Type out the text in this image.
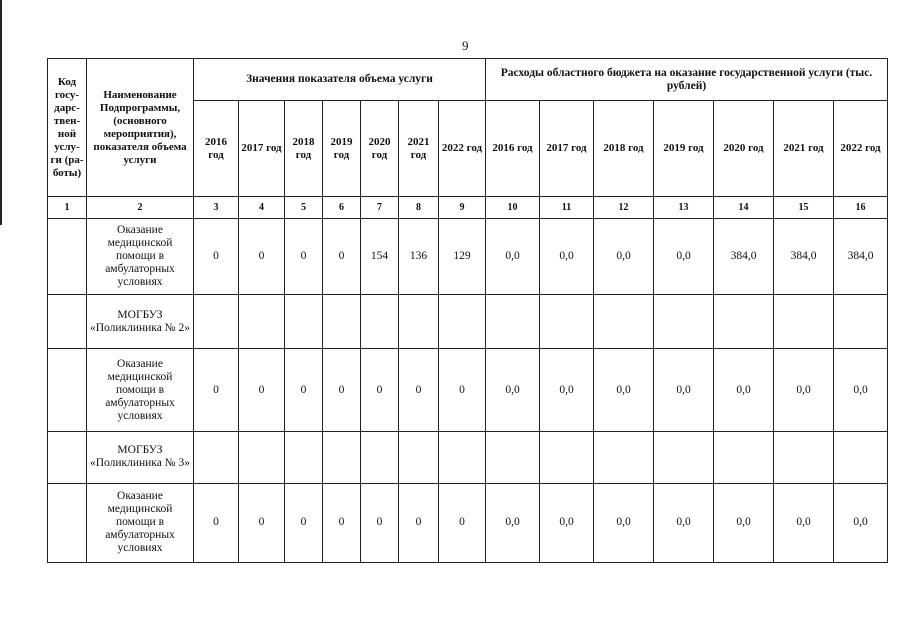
9
Код госу-дарс-твен-ной услу-ги (ра-боты)	Наименование Подпрограммы, (основного мероприятия), показателя объема услуги	Значения показателя объема услуги							Расходы областного бюджета на оказание государственной услуги (тыс. рублей)						
		2016 год	2017 год	2018 год	2019 год	2020 год	2021 год	2022 год	2016 год	2017 год	2018 год	2019 год	2020 год	2021 год	2022 год
1	2	3	4	5	6	7	8	9	10	11	12	13	14	15	16
	Оказание медицинской помощи в амбулаторных условиях	0	0	0	0	154	136	129	0,0	0,0	0,0	0,0	384,0	384,0	384,0
	МОГБУЗ «Поликлиника № 2»														
	Оказание медицинской помощи в амбулаторных условиях	0	0	0	0	0	0	0	0,0	0,0	0,0	0,0	0,0	0,0	0,0
	МОГБУЗ «Поликлиника № 3»														
	Оказание медицинской помощи в амбулаторных условиях	0	0	0	0	0	0	0	0,0	0,0	0,0	0,0	0,0	0,0	0,0
